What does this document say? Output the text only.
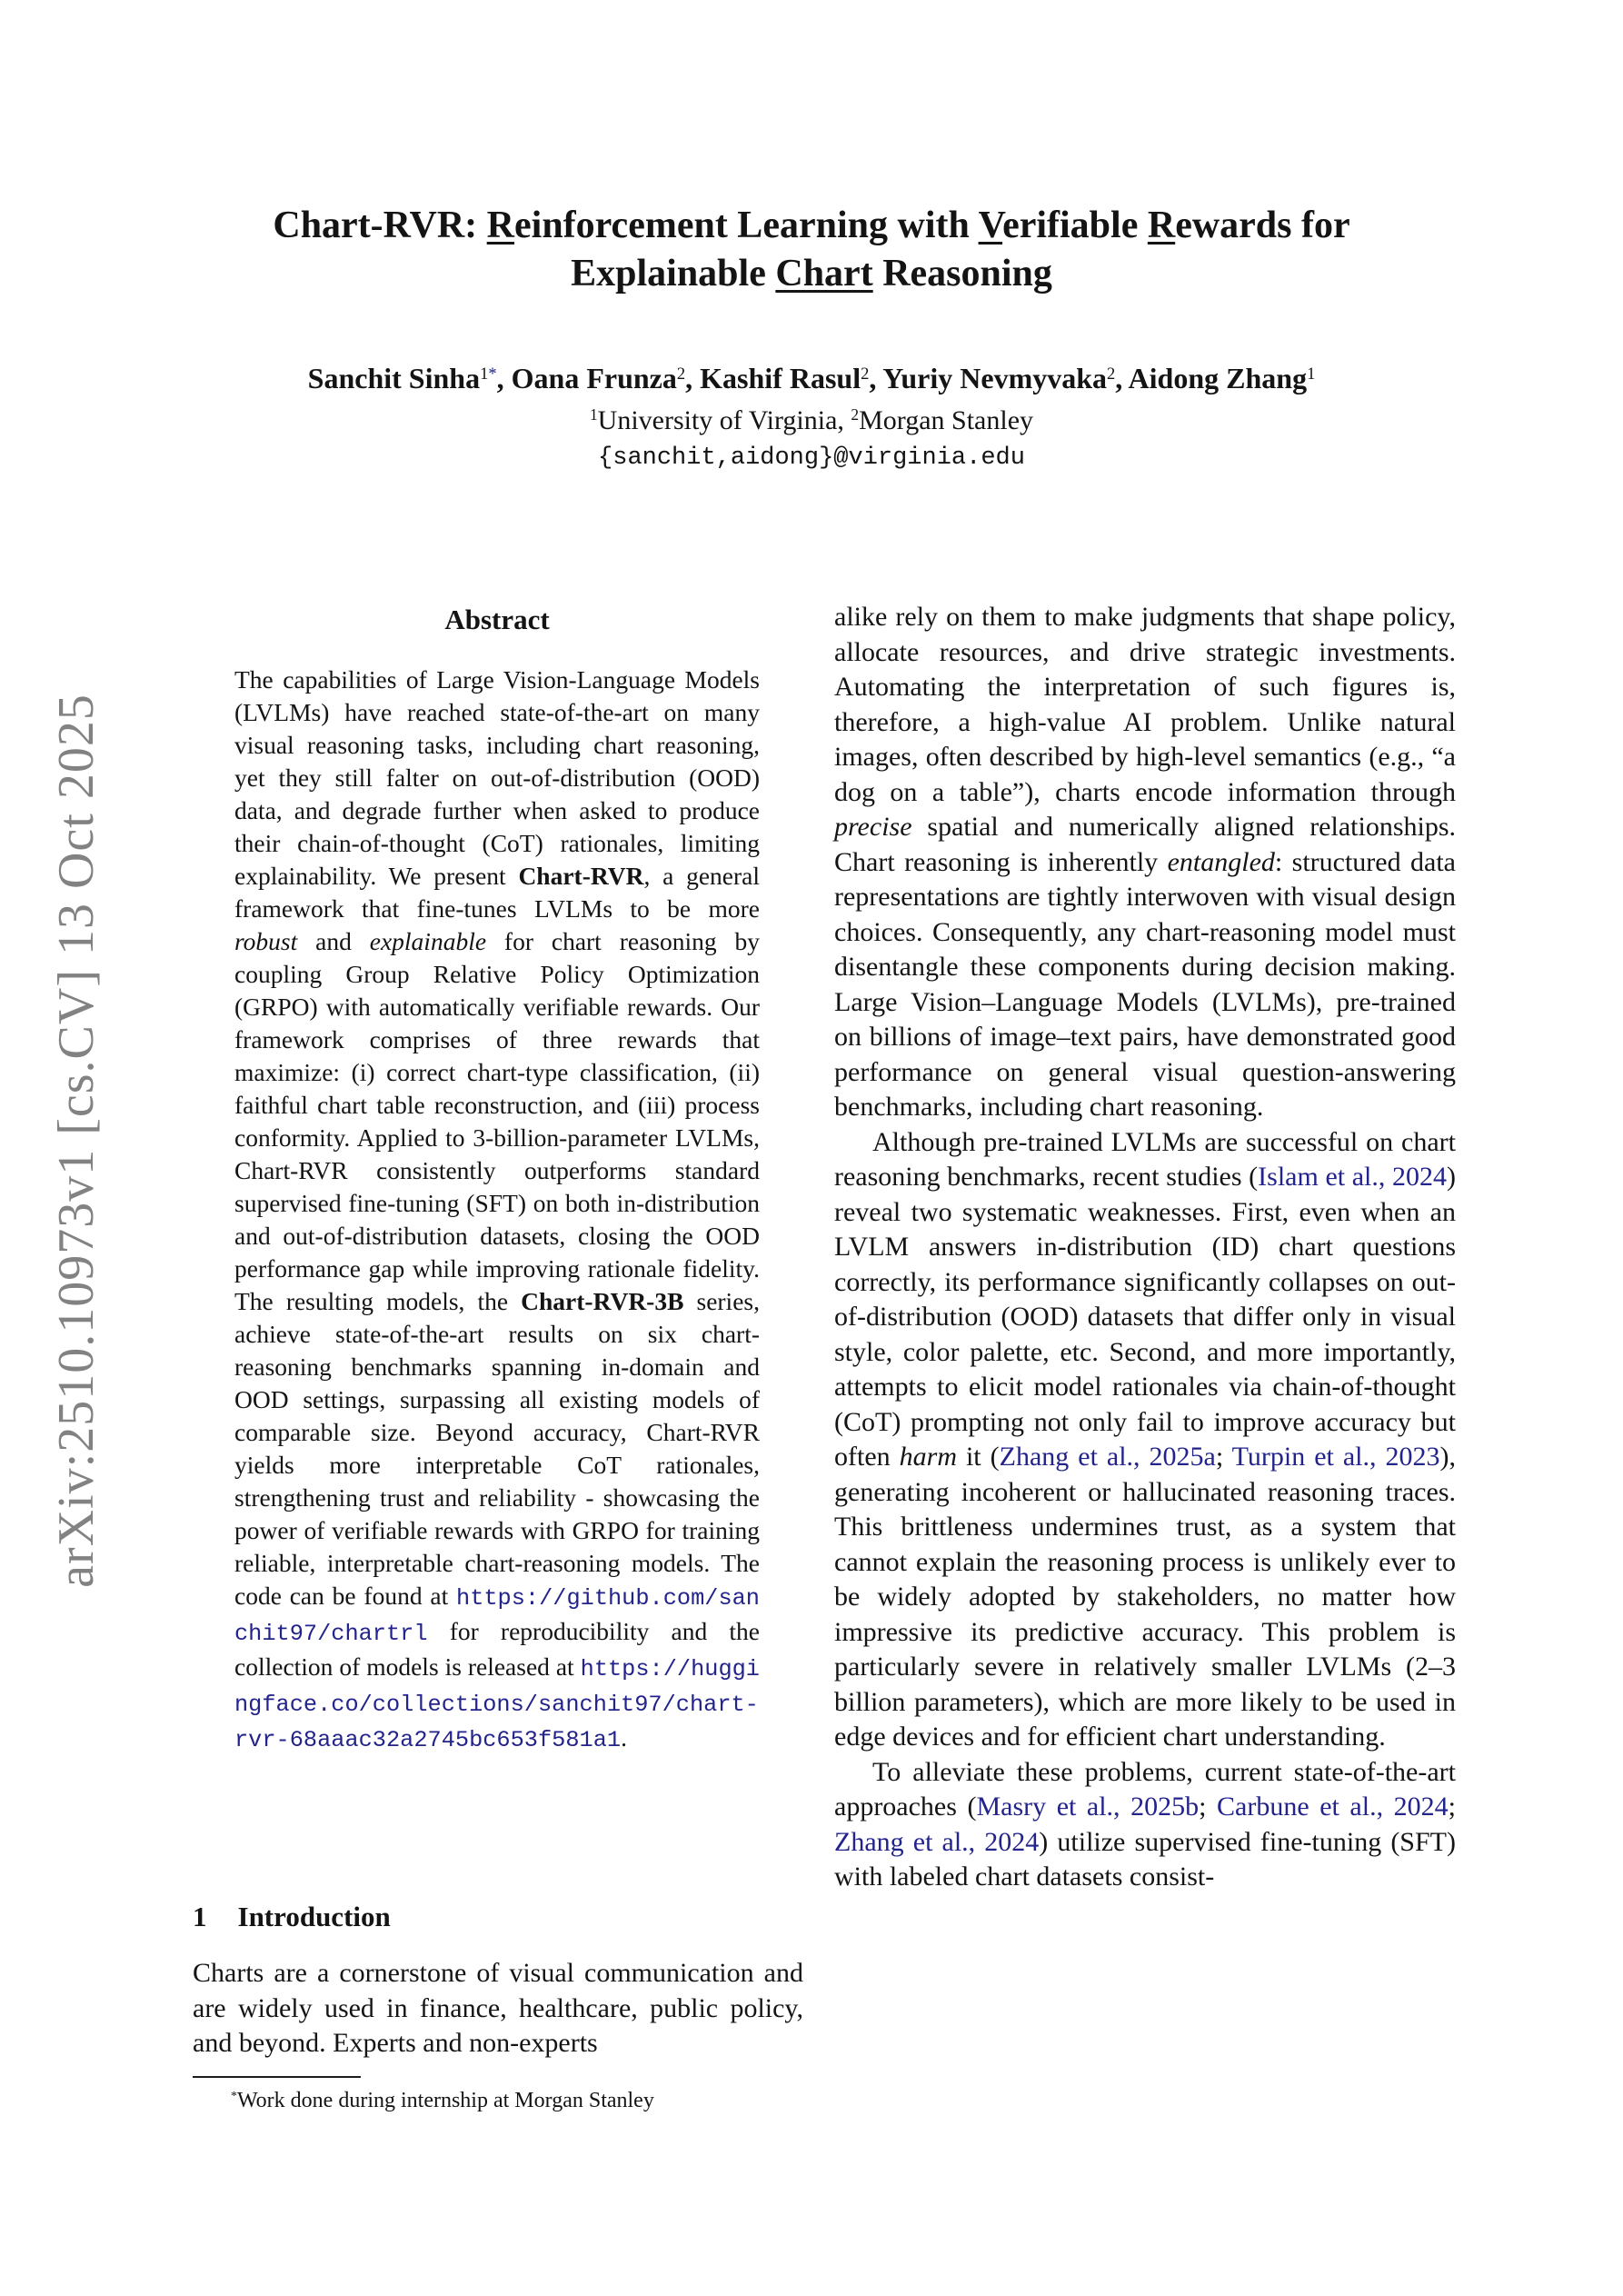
arXiv:2510.10973v1 [cs.CV] 13 Oct 2025
Chart-RVR: Reinforcement Learning with Verifiable Rewards for
Explainable Chart Reasoning
Sanchit Sinha$^{1*}$, Oana Frunza$^2$, Kashif Rasul$^2$, Yuriy Nevmyvaka$^2$, Aidong Zhang$^1$
$^1$University of Virginia, $^2$Morgan Stanley
{sanchit,aidong}@virginia.edu
Abstract

The capabilities of Large Vision-Language Models (LVLMs) have reached state-of-the-art on many visual reasoning tasks, including chart reasoning, yet they still falter on out-of-distribution (OOD) data, and degrade further when asked to produce their chain-of-thought (CoT) rationales, limiting explainability. We present Chart-RVR, a general framework that fine-tunes LVLMs to be more robust and explainable for chart reasoning by coupling Group Relative Policy Optimization (GRPO) with automatically verifiable rewards. Our framework comprises of three rewards that maximize: (i) correct chart-type classification, (ii) faithful chart table reconstruction, and (iii) process conformity. Applied to 3-billion-parameter LVLMs, Chart-RVR consistently outperforms standard supervised fine-tuning (SFT) on both in-distribution and out-of-distribution datasets, closing the OOD performance gap while improving rationale fidelity. The resulting models, the Chart-RVR-3B series, achieve state-of-the-art results on six chart-reasoning benchmarks spanning in-domain and OOD settings, surpassing all existing models of comparable size. Beyond accuracy, Chart-RVR yields more interpretable CoT rationales, strengthening trust and reliability - showcasing the power of verifiable rewards with GRPO for training reliable, interpretable chart-reasoning models. The code can be found at https://github.com/sanchit97/chartrl for reproducibility and the collection of models is released at https://huggingface.co/collections/sanchit97/chart-rvr-68aaac32a2745bc653f581a1.

1 Introduction

Charts are a cornerstone of visual communication and are widely used in finance, healthcare, public policy, and beyond. Experts and non-experts

*Work done during internship at Morgan Stanley

alike rely on them to make judgments that shape policy, allocate resources, and drive strategic investments. Automating the interpretation of such figures is, therefore, a high-value AI problem. Unlike natural images, often described by high-level semantics (e.g., “a dog on a table”), charts encode information through precise spatial and numerically aligned relationships. Chart reasoning is inherently entangled: structured data representations are tightly interwoven with visual design choices. Consequently, any chart-reasoning model must disentangle these components during decision making. Large Vision–Language Models (LVLMs), pre-trained on billions of image–text pairs, have demonstrated good performance on general visual question-answering benchmarks, including chart reasoning.

Although pre-trained LVLMs are successful on chart reasoning benchmarks, recent studies (Islam et al., 2024) reveal two systematic weaknesses. First, even when an LVLM answers in-distribution (ID) chart questions correctly, its performance significantly collapses on out-of-distribution (OOD) datasets that differ only in visual style, color palette, etc. Second, and more importantly, attempts to elicit model rationales via chain-of-thought (CoT) prompting not only fail to improve accuracy but often harm it (Zhang et al., 2025a; Turpin et al., 2023), generating incoherent or hallucinated reasoning traces. This brittleness undermines trust, as a system that cannot explain the reasoning process is unlikely ever to be widely adopted by stakeholders, no matter how impressive its predictive accuracy. This problem is particularly severe in relatively smaller LVLMs (2–3 billion parameters), which are more likely to be used in edge devices and for efficient chart understanding.

To alleviate these problems, current state-of-the-art approaches (Masry et al., 2025b; Carbune et al., 2024; Zhang et al., 2024) utilize supervised fine-tuning (SFT) with labeled chart datasets consist-
